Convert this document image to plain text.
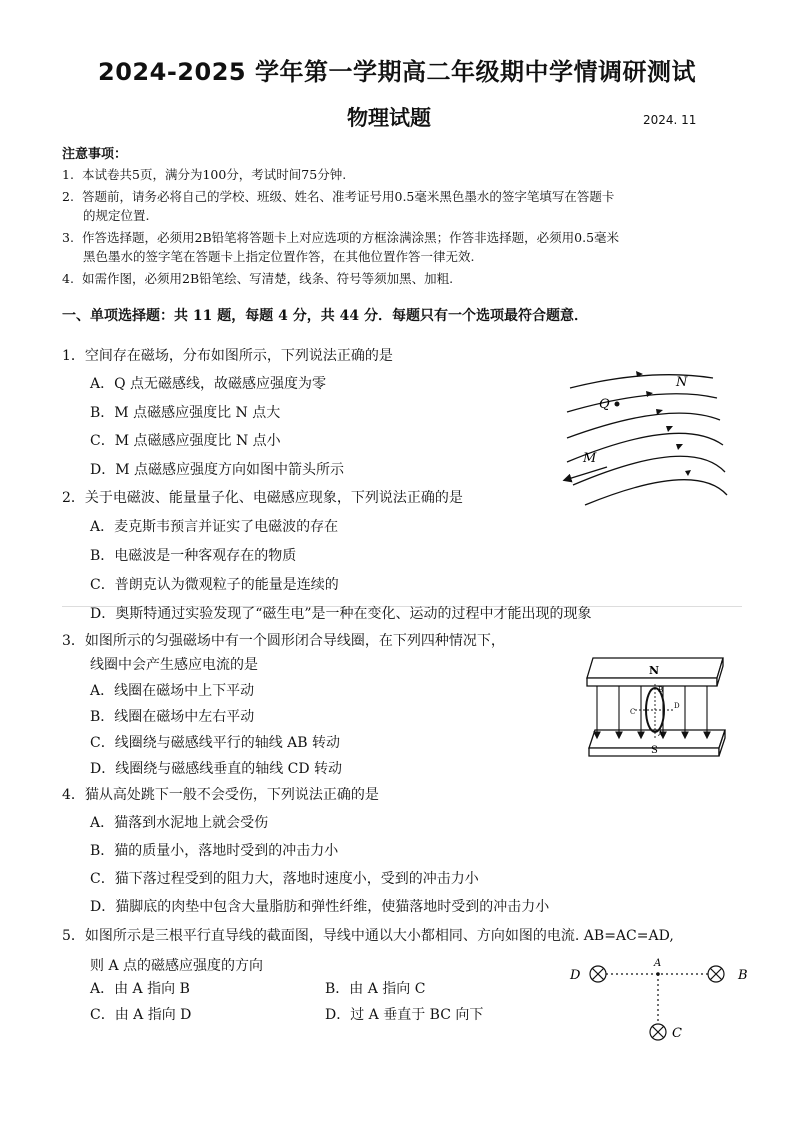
2024-2025 学年第一学期高二年级期中学情调研测试
物理试题	2024. 11
注意事项：
1. 本试卷共5页，满分为100分，考试时间75分钟.
2. 答题前，请务必将自己的学校、班级、姓名、准考证号用0.5毫米黑色墨水的签字笔填写在答题卡
的规定位置.
3. 作答选择题，必须用2B铅笔将答题卡上对应选项的方框涂满涂黑；作答非选择题，必须用0.5毫米
黑色墨水的签字笔在答题卡上指定位置作答，在其他位置作答一律无效.
4. 如需作图，必须用2B铅笔绘、写清楚，线条、符号等须加黑、加粗.
一、单项选择题：共 11 题，每题 4 分，共 44 分．每题只有一个选项最符合题意．
1．空间存在磁场，分布如图所示，下列说法正确的是
A．Q 点无磁感线，故磁感应强度为零
B．M 点磁感应强度比 N 点大
C．M 点磁感应强度比 N 点小
D．M 点磁感应强度方向如图中箭头所示
Q
N
M
2．关于电磁波、能量量子化、电磁感应现象，下列说法正确的是
A．麦克斯韦预言并证实了电磁波的存在
B．电磁波是一种客观存在的物质
C．普朗克认为微观粒子的能量是连续的
D．奥斯特通过实验发现了“磁生电”是一种在变化、运动的过程中才能出现的现象
3．如图所示的匀强磁场中有一个圆形闭合导线圈，在下列四种情况下，
线圈中会产生感应电流的是
A．线圈在磁场中上下平动
B．线圈在磁场中左右平动
C．线圈绕与磁感线平行的轴线 AB 转动
D．线圈绕与磁感线垂直的轴线 CD 转动
N
S
B
A
C
D
4．猫从高处跳下一般不会受伤，下列说法正确的是
A．猫落到水泥地上就会受伤
B．猫的质量小，落地时受到的冲击力小
C．猫下落过程受到的阻力大，落地时速度小，受到的冲击力小
D．猫脚底的肉垫中包含大量脂肪和弹性纤维，使猫落地时受到的冲击力小
5．如图所示是三根平行直导线的截面图，导线中通以大小都相同、方向如图的电流. AB=AC=AD,
则 A 点的磁感应强度的方向
A．由 A 指向 B	B．由 A 指向 C
C．由 A 指向 D	D．过 A 垂直于 BC 向下
A
D	B
C
